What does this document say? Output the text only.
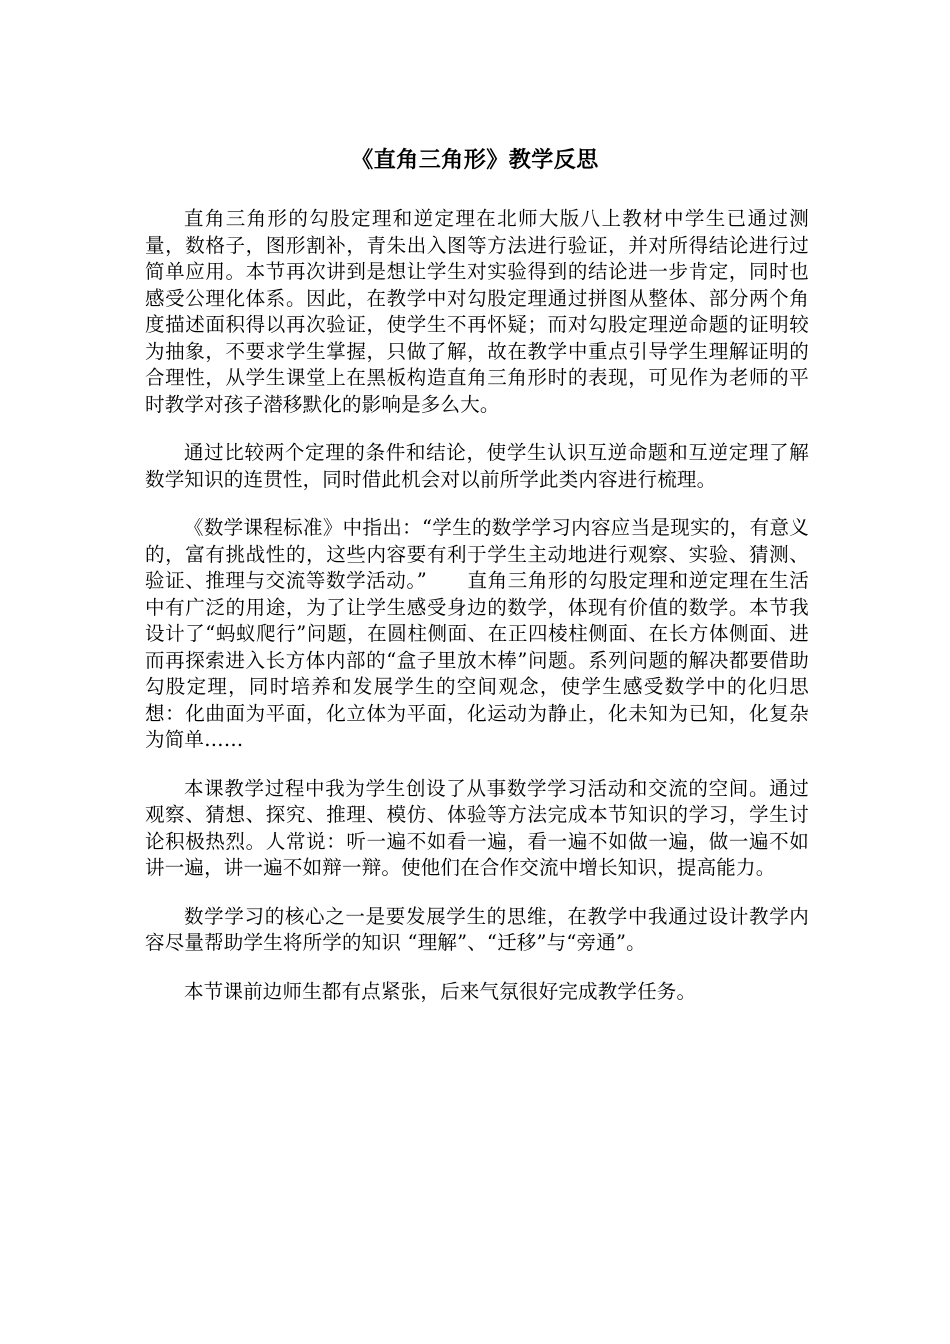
《直角三角形》教学反思

直角三角形的勾股定理和逆定理在北师大版八上教材中学生已通过测量，数格子，图形割补，青朱出入图等方法进行验证，并对所得结论进行过简单应用。本节再次讲到是想让学生对实验得到的结论进一步肯定，同时也感受公理化体系。因此，在教学中对勾股定理通过拼图从整体、部分两个角度描述面积得以再次验证，使学生不再怀疑；而对勾股定理逆命题的证明较为抽象，不要求学生掌握，只做了解，故在教学中重点引导学生理解证明的合理性，从学生课堂上在黑板构造直角三角形时的表现，可见作为老师的平时教学对孩子潜移默化的影响是多么大。

通过比较两个定理的条件和结论，使学生认识互逆命题和互逆定理了解数学知识的连贯性，同时借此机会对以前所学此类内容进行梳理。

《数学课程标准》中指出：“学生的数学学习内容应当是现实的，有意义的，富有挑战性的，这些内容要有利于学生主动地进行观察、实验、猜测、验证、推理与交流等数学活动。”　　直角三角形的勾股定理和逆定理在生活中有广泛的用途，为了让学生感受身边的数学，体现有价值的数学。本节我设计了“蚂蚁爬行”问题，在圆柱侧面、在正四棱柱侧面、在长方体侧面、进而再探索进入长方体内部的“盒子里放木棒”问题。系列问题的解决都要借助勾股定理，同时培养和发展学生的空间观念，使学生感受数学中的化归思想：化曲面为平面，化立体为平面，化运动为静止，化未知为已知，化复杂为简单……

本课教学过程中我为学生创设了从事数学学习活动和交流的空间。通过观察、猜想、探究、推理、模仿、体验等方法完成本节知识的学习，学生讨论积极热烈。人常说：听一遍不如看一遍，看一遍不如做一遍，做一遍不如讲一遍，讲一遍不如辩一辩。使他们在合作交流中增长知识，提高能力。

数学学习的核心之一是要发展学生的思维，在教学中我通过设计教学内容尽量帮助学生将所学的知识 “理解”、“迁移”与“旁通”。

本节课前边师生都有点紧张，后来气氛很好完成教学任务。
